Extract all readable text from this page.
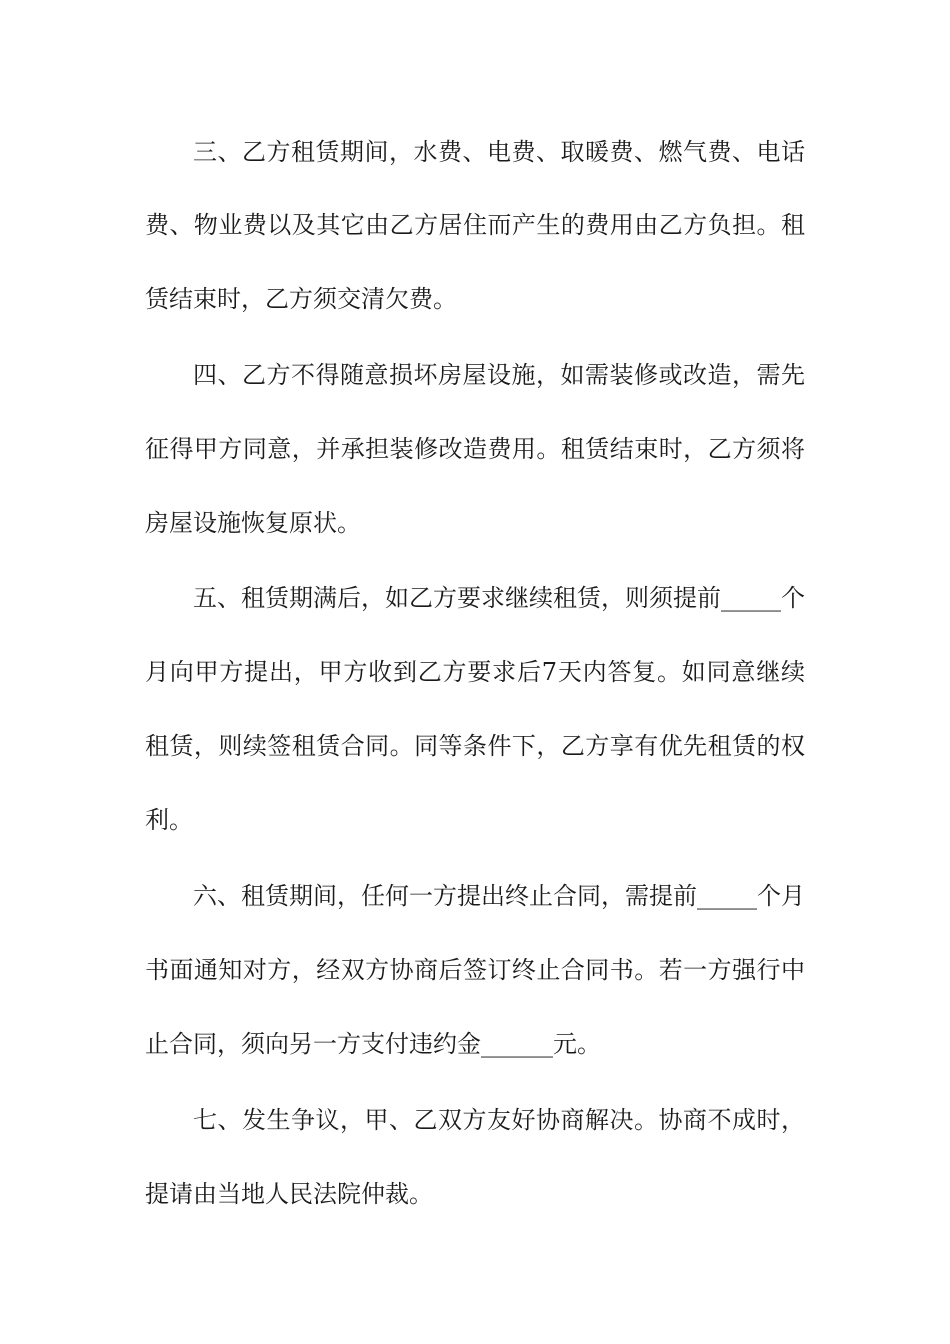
三、乙方租赁期间，水费、电费、取暖费、燃气费、电话
费、物业费以及其它由乙方居住而产生的费用由乙方负担。租
赁结束时，乙方须交清欠费。
四、乙方不得随意损坏房屋设施，如需装修或改造，需先
征得甲方同意，并承担装修改造费用。租赁结束时，乙方须将
房屋设施恢复原状。
五、租赁期满后，如乙方要求继续租赁，则须提前_____个
月向甲方提出，甲方收到乙方要求后7天内答复。如同意继续
租赁，则续签租赁合同。同等条件下，乙方享有优先租赁的权
利。
六、租赁期间，任何一方提出终止合同，需提前_____个月
书面通知对方，经双方协商后签订终止合同书。若一方强行中
止合同，须向另一方支付违约金______元。
七、发生争议，甲、乙双方友好协商解决。协商不成时，
提请由当地人民法院仲裁。
